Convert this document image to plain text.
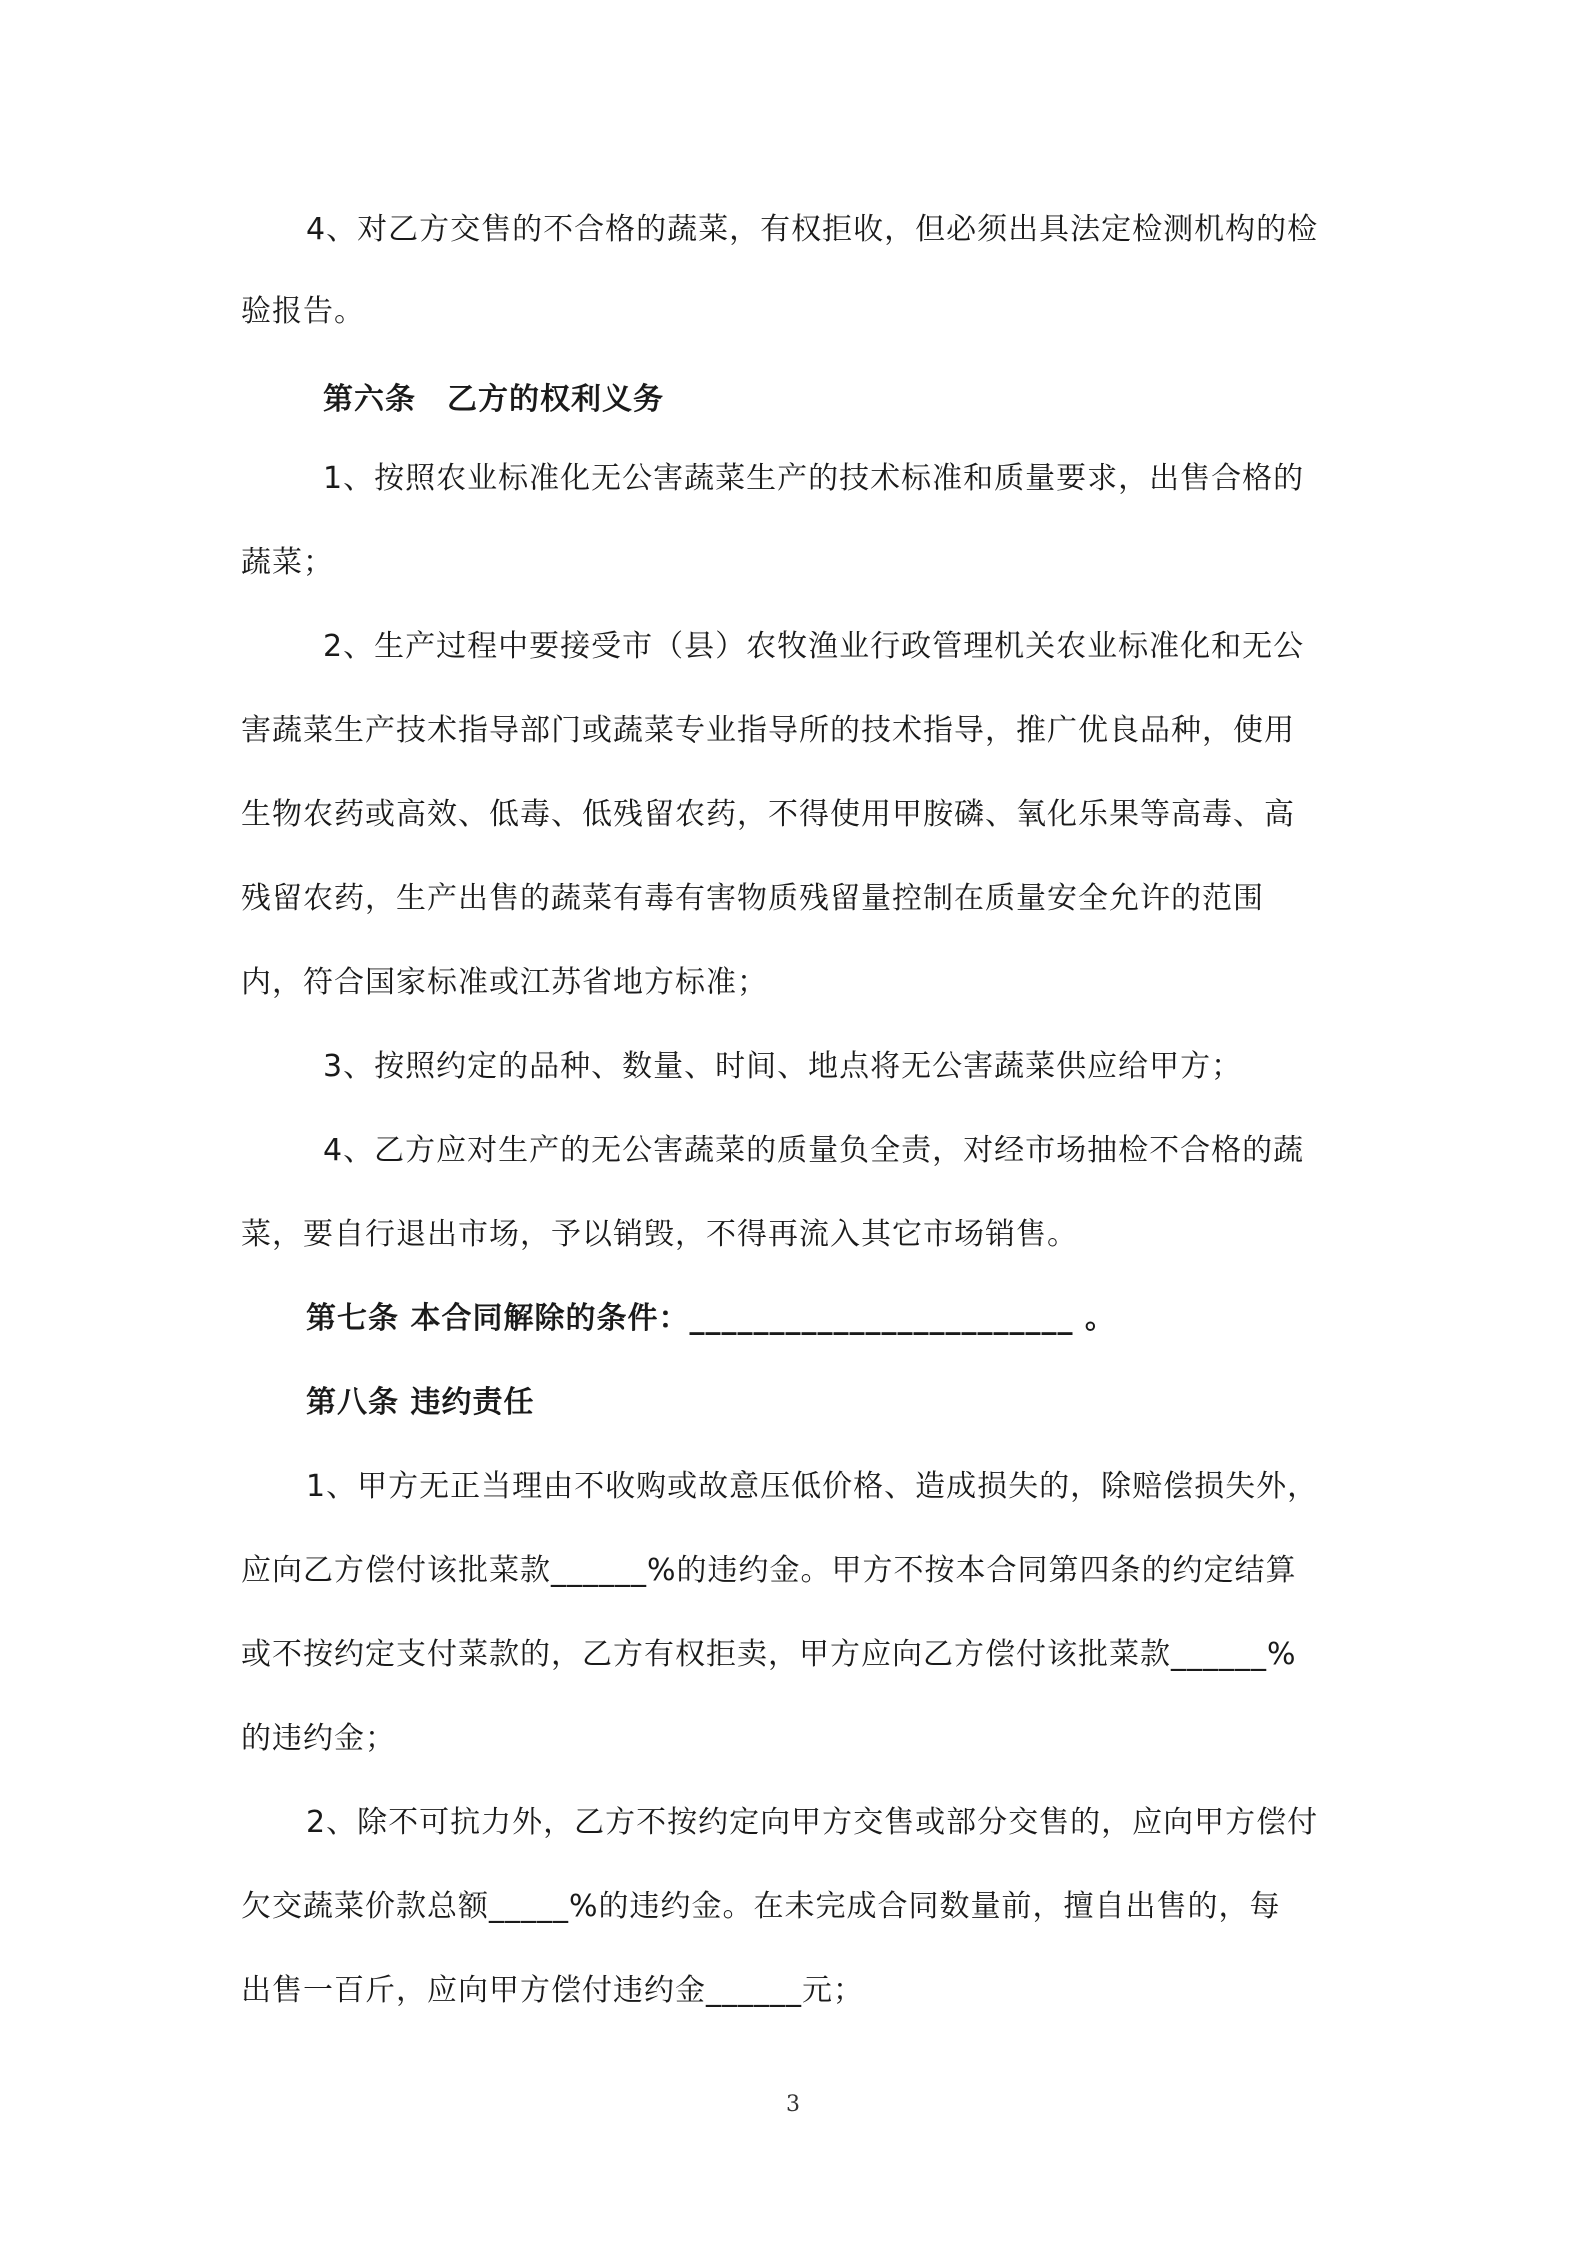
4、对乙方交售的不合格的蔬菜，有权拒收，但必须出具法定检测机构的检
验报告。
第六条　乙方的权利义务
1、按照农业标准化无公害蔬菜生产的技术标准和质量要求，出售合格的
蔬菜；
2、生产过程中要接受市（县）农牧渔业行政管理机关农业标准化和无公
害蔬菜生产技术指导部门或蔬菜专业指导所的技术指导，推广优良品种，使用
生物农药或高效、低毒、低残留农药，不得使用甲胺磷、氧化乐果等高毒、高
残留农药，生产出售的蔬菜有毒有害物质残留量控制在质量安全允许的范围
内，符合国家标准或江苏省地方标准；
3、按照约定的品种、数量、时间、地点将无公害蔬菜供应给甲方；
4、乙方应对生产的无公害蔬菜的质量负全责，对经市场抽检不合格的蔬
菜，要自行退出市场，予以销毁，不得再流入其它市场销售。
第七条 本合同解除的条件：________________________ 。
第八条 违约责任
1、甲方无正当理由不收购或故意压低价格、造成损失的，除赔偿损失外，
应向乙方偿付该批菜款______%的违约金。甲方不按本合同第四条的约定结算
或不按约定支付菜款的，乙方有权拒卖，甲方应向乙方偿付该批菜款______%
的违约金；
2、除不可抗力外，乙方不按约定向甲方交售或部分交售的，应向甲方偿付
欠交蔬菜价款总额_____%的违约金。在未完成合同数量前，擅自出售的，每
出售一百斤，应向甲方偿付违约金______元；
3
